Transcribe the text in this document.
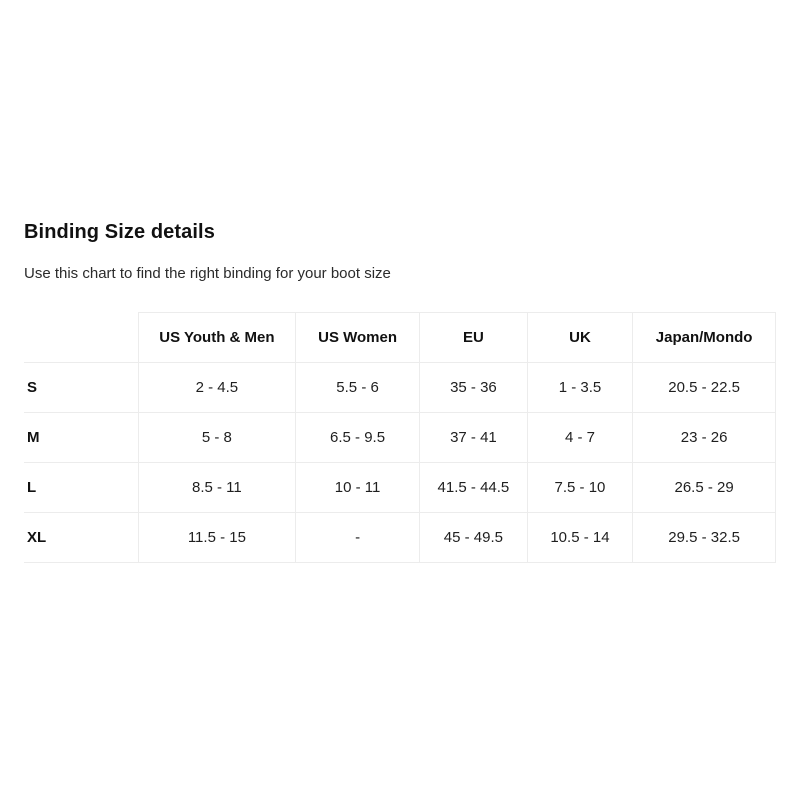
Binding Size details

Use this chart to find the right binding for your boot size

	US Youth & Men	US Women	EU	UK	Japan/Mondo
S	2 - 4.5	5.5 - 6	35 - 36	1 - 3.5	20.5 - 22.5
M	5 - 8	6.5 - 9.5	37 - 41	4 - 7	23 - 26
L	8.5 - 11	10 - 11	41.5 - 44.5	7.5 - 10	26.5 - 29
XL	11.5 - 15	-	45 - 49.5	10.5 - 14	29.5 - 32.5
